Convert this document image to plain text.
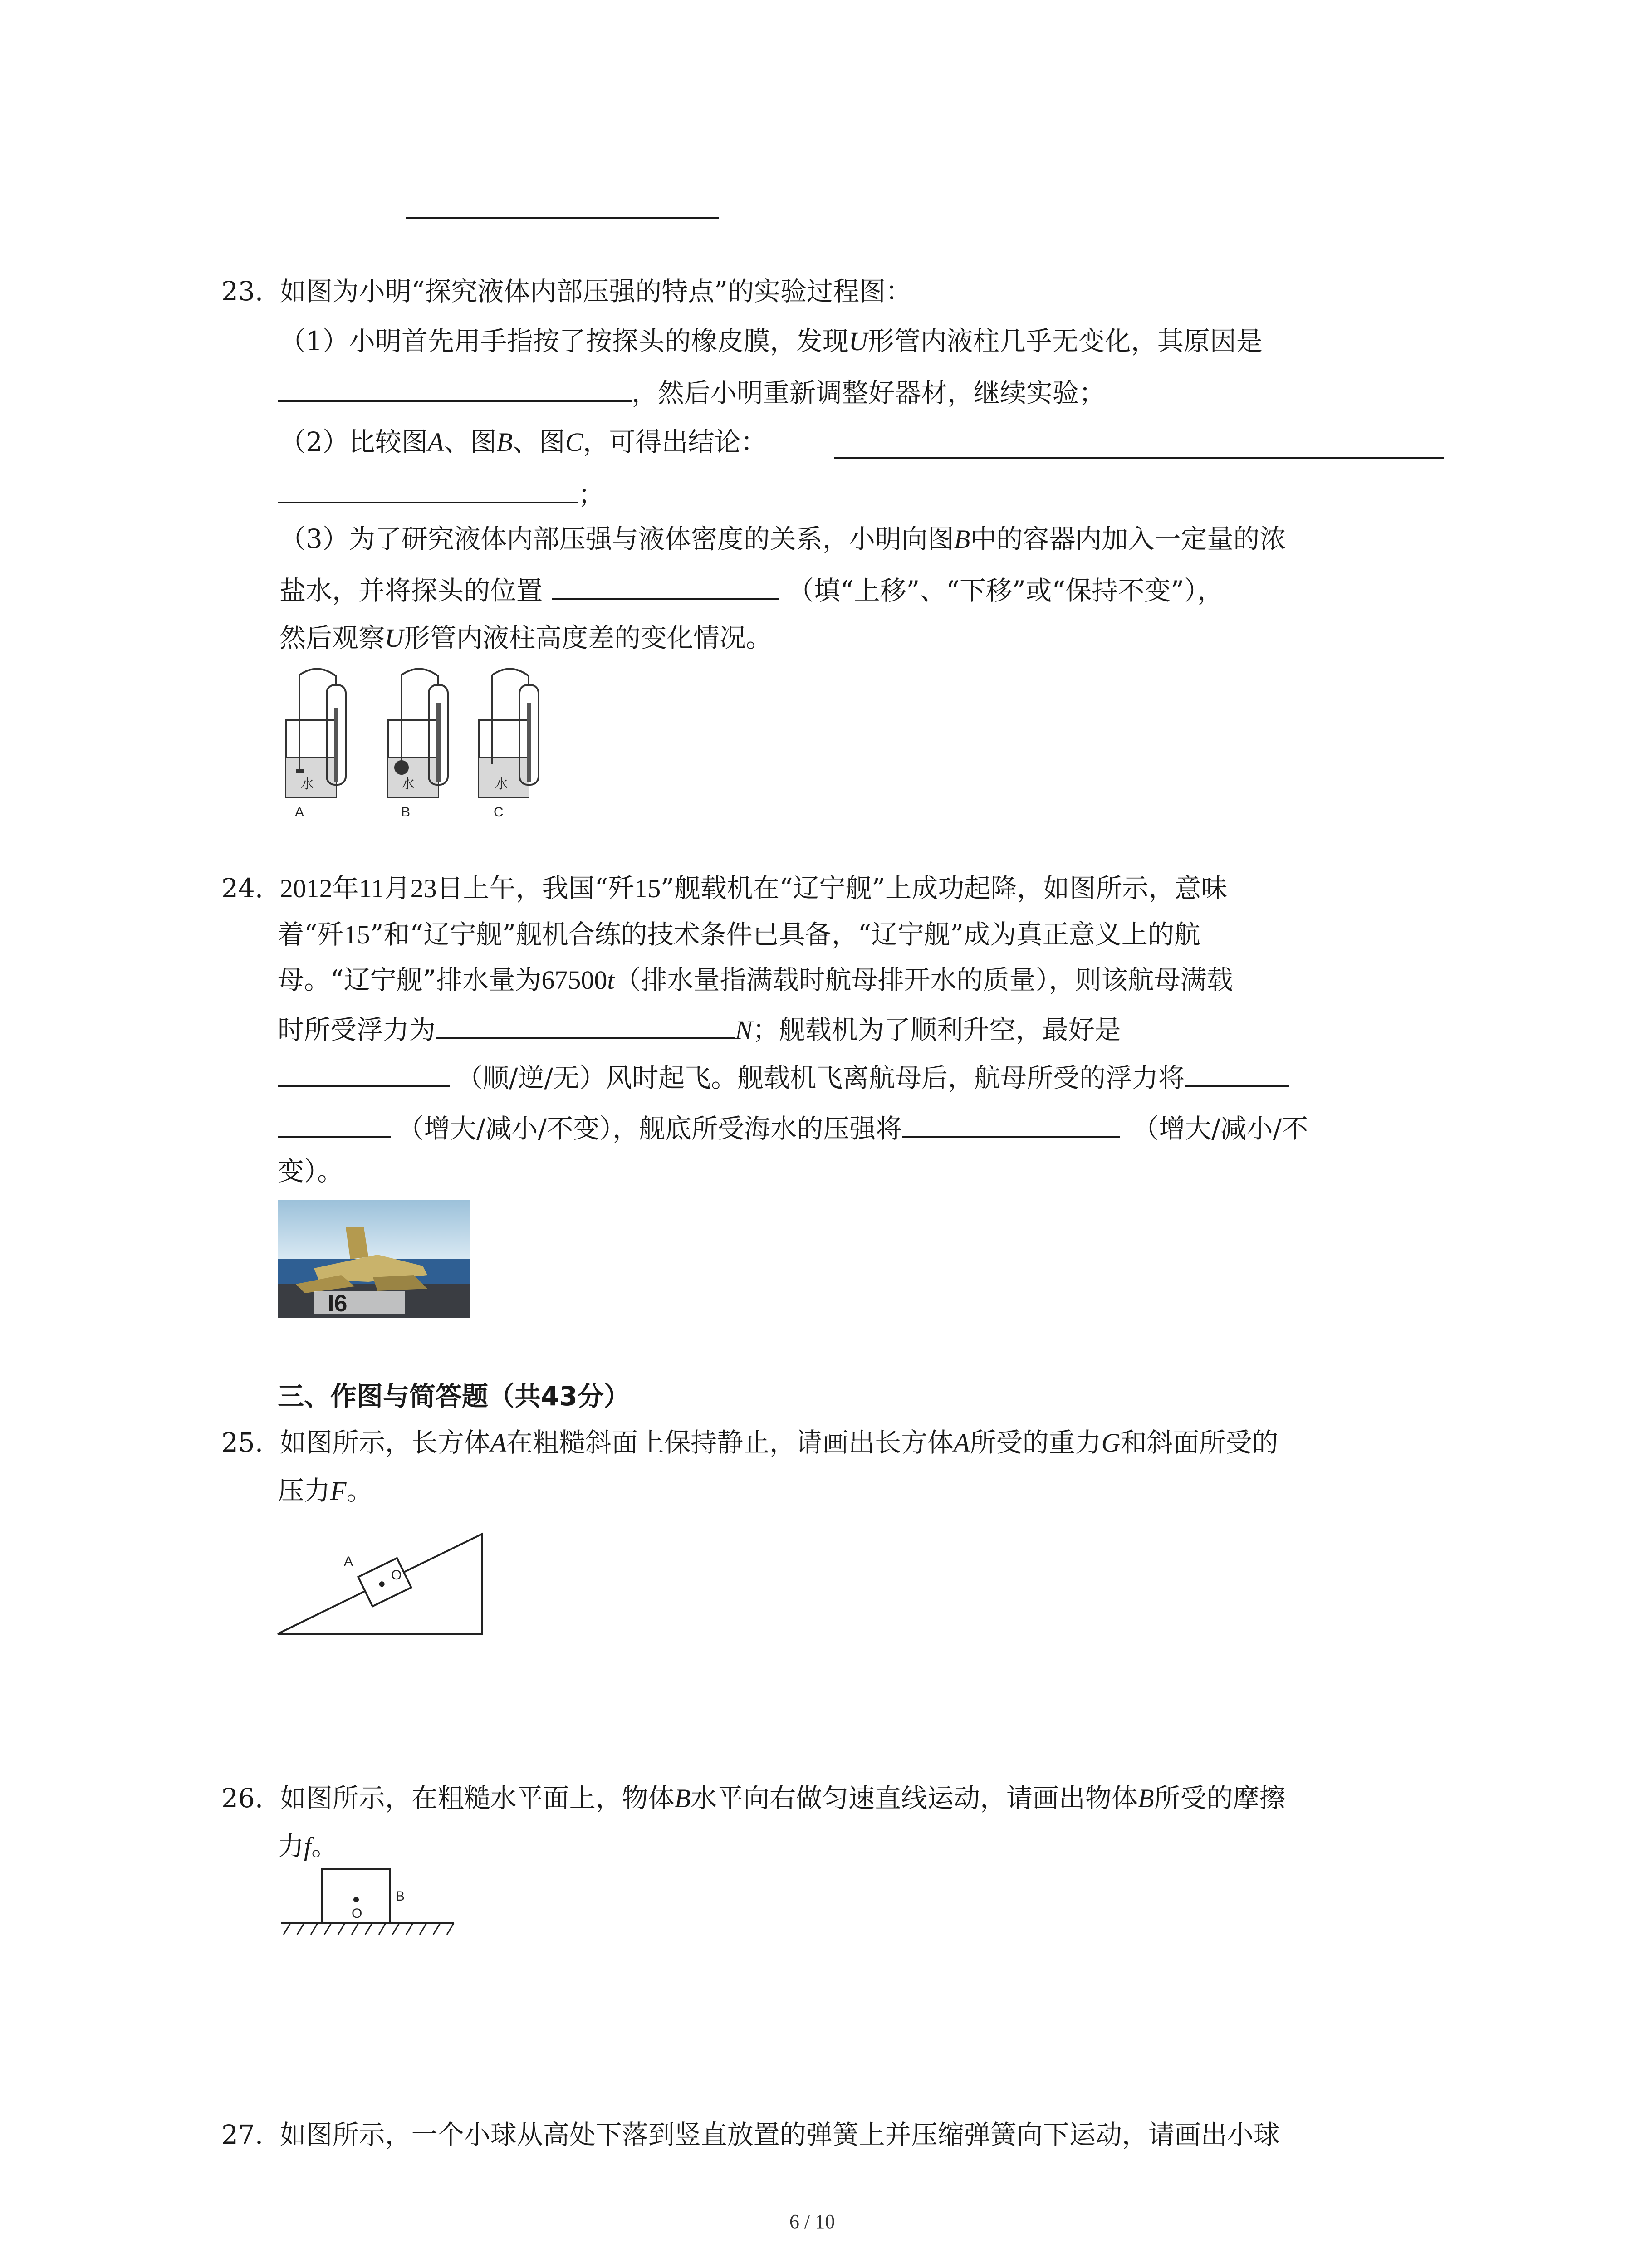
23. 如图为小明“探究液体内部压强的特点”的实验过程图：
（1）小明首先用手指按了按探头的橡皮膜，发现U形管内液柱几乎无变化，其原因是
，然后小明重新调整好器材，继续实验；
（2）比较图A、图B、图C，可得出结论：
；
（3）为了研究液体内部压强与液体密度的关系，小明向图B中的容器内加入一定量的浓
盐水，并将探头的位置	（填“上移”、“下移”或“保持不变”），
然后观察U形管内液柱高度差的变化情况。
水
A
水
B
水
C
24. 2012年11月23日上午，我国“歼15”舰载机在“辽宁舰”上成功起降，如图所示，意味
着“歼15”和“辽宁舰”舰机合练的技术条件已具备，“辽宁舰”成为真正意义上的航
母。“辽宁舰”排水量为67500t（排水量指满载时航母排开水的质量），则该航母满载
时所受浮力为	N；舰载机为了顺利升空，最好是
（顺/逆/无）风时起飞。舰载机飞离航母后，航母所受的浮力将
（增大/减小/不变），舰底所受海水的压强将	（增大/减小/不
变）。
I6
三、作图与简答题（共43分）
25. 如图所示，长方体A在粗糙斜面上保持静止，请画出长方体A所受的重力G和斜面所受的
压力F。
A
O
26. 如图所示，在粗糙水平面上，物体B水平向右做匀速直线运动，请画出物体B所受的摩擦
力f。
O
B
27. 如图所示，一个小球从高处下落到竖直放置的弹簧上并压缩弹簧向下运动，请画出小球
6 / 10
